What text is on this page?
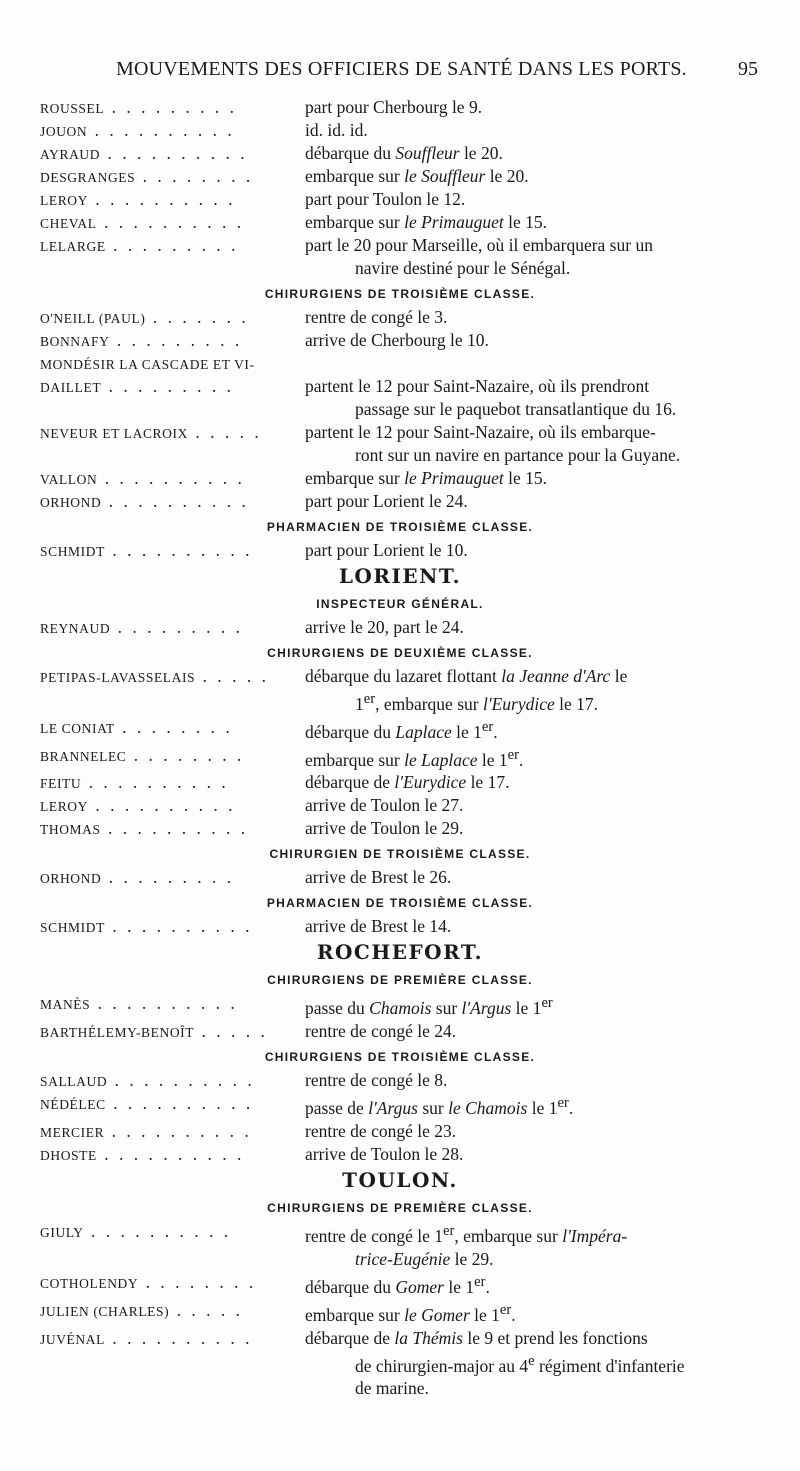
MOUVEMENTS DES OFFICIERS DE SANTÉ DANS LES PORTS.	95
ROUSSEL . . . . . . . . .	part pour Cherbourg le 9.
JOUON . . . . . . . . . .	id. id. id.
AYRAUD . . . . . . . . . .	débarque du Souffleur le 20.
DESGRANGES . . . . . . . .	embarque sur le Souffleur le 20.
LEROY . . . . . . . . . .	part pour Toulon le 12.
CHEVAL . . . . . . . . . .	embarque sur le Primauguet le 15.
LELARGE . . . . . . . . .	part le 20 pour Marseille, où il embarquera sur un
navire destiné pour le Sénégal.
CHIRURGIENS DE TROISIÈME CLASSE.
O'NEILL (PAUL) . . . . . . .	rentre de congé le 3.
BONNAFY . . . . . . . . .	arrive de Cherbourg le 10.
MONDÉSIR LA CASCADE ET VI-

DAILLET . . . . . . . . .	partent le 12 pour Saint-Nazaire, où ils prendront
passage sur le paquebot transatlantique du 16.
NEVEUR ET LACROIX . . . . .	partent le 12 pour Saint-Nazaire, où ils embarque-
ront sur un navire en partance pour la Guyane.
VALLON . . . . . . . . . .	embarque sur le Primauguet le 15.
ORHOND . . . . . . . . . .	part pour Lorient le 24.
PHARMACIEN DE TROISIÈME CLASSE.
SCHMIDT . . . . . . . . . .	part pour Lorient le 10.
LORIENT.
INSPECTEUR GÉNÉRAL.
REYNAUD . . . . . . . . .	arrive le 20, part le 24.
CHIRURGIENS DE DEUXIÈME CLASSE.
PETIPAS-LAVASSELAIS . . . . .	débarque du lazaret flottant la Jeanne d'Arc le
1er, embarque sur l'Eurydice le 17.
LE CONIAT . . . . . . . .	débarque du Laplace le 1er.
BRANNELEC . . . . . . . .	embarque sur le Laplace le 1er.
FEITU . . . . . . . . . .	débarque de l'Eurydice le 17.
LEROY . . . . . . . . . .	arrive de Toulon le 27.
THOMAS . . . . . . . . . .	arrive de Toulon le 29.
CHIRURGIEN DE TROISIÈME CLASSE.
ORHOND . . . . . . . . .	arrive de Brest le 26.
PHARMACIEN DE TROISIÈME CLASSE.
SCHMIDT . . . . . . . . . .	arrive de Brest le 14.
ROCHEFORT.
CHIRURGIENS DE PREMIÈRE CLASSE.
MANÈS . . . . . . . . . .	passe du Chamois sur l'Argus le 1er
BARTHÉLEMY-BENOÎT . . . . .	rentre de congé le 24.
CHIRURGIENS DE TROISIÈME CLASSE.
SALLAUD . . . . . . . . . .	rentre de congé le 8.
NÉDÉLEC . . . . . . . . . .	passe de l'Argus sur le Chamois le 1er.
MERCIER . . . . . . . . . .	rentre de congé le 23.
DHOSTE . . . . . . . . . .	arrive de Toulon le 28.
TOULON.
CHIRURGIENS DE PREMIÈRE CLASSE.
GIULY . . . . . . . . . .	rentre de congé le 1er, embarque sur l'Impéra-
trice-Eugénie le 29.
COTHOLENDY . . . . . . . .	débarque du Gomer le 1er.
JULIEN (CHARLES) . . . . .	embarque sur le Gomer le 1er.
JUVÉNAL . . . . . . . . . .	débarque de la Thémis le 9 et prend les fonctions
de chirurgien-major au 4e régiment d'infanterie
de marine.
